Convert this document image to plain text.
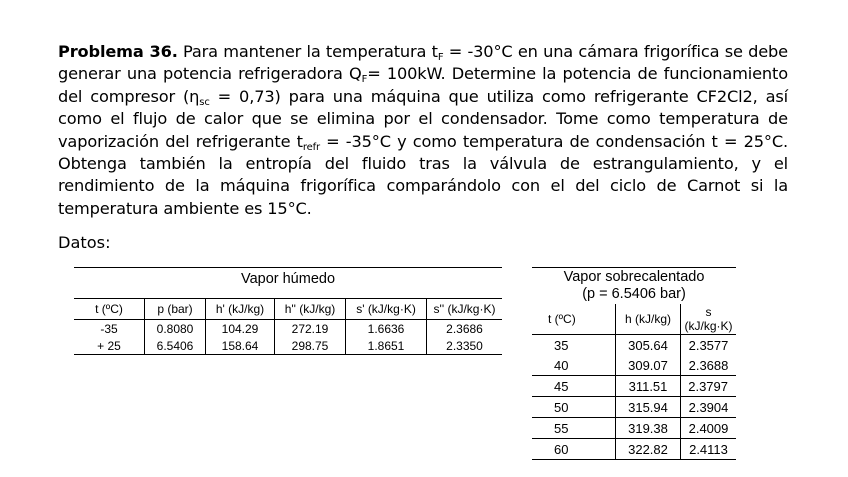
Problema 36. Para mantener la temperatura $t_F = -30^\circ C$ en una cámara frigorífica se debe generar una potencia refrigeradora $Q_F= 100kW$. Determine la potencia de funcionamiento del compresor $(\eta_{sc} = 0,73)$ para una máquina que utiliza como refrigerante CF2Cl2, así como el flujo de calor que se elimina por el condensador. Tome como temperatura de vaporización del refrigerante $t_{refr} = -35^\circ C$ y como temperatura de condensación t = 25°C. Obtenga también la entropía del fluido tras la válvula de estrangulamiento, y el rendimiento de la máquina frigorífica comparándolo con el del ciclo de Carnot si la temperatura ambiente es 15°C.
Datos:
Vapor húmedo					
t (ºC)	p (bar)	h' (kJ/kg)	h'' (kJ/kg)	s' (kJ/kg·K)	s'' (kJ/kg·K)
-35	0.8080	104.29	272.19	1.6636	2.3686
+ 25	6.5406	158.64	298.75	1.8651	2.3350
Vapor sobrecalentado
(p = 6.5406 bar)		

t (ºC)	h (kJ/kg)	s (kJ/kg·K)
35	305.64	2.3577
40	309.07	2.3688
45	311.51	2.3797
50	315.94	2.3904
55	319.38	2.4009
60	322.82	2.4113
